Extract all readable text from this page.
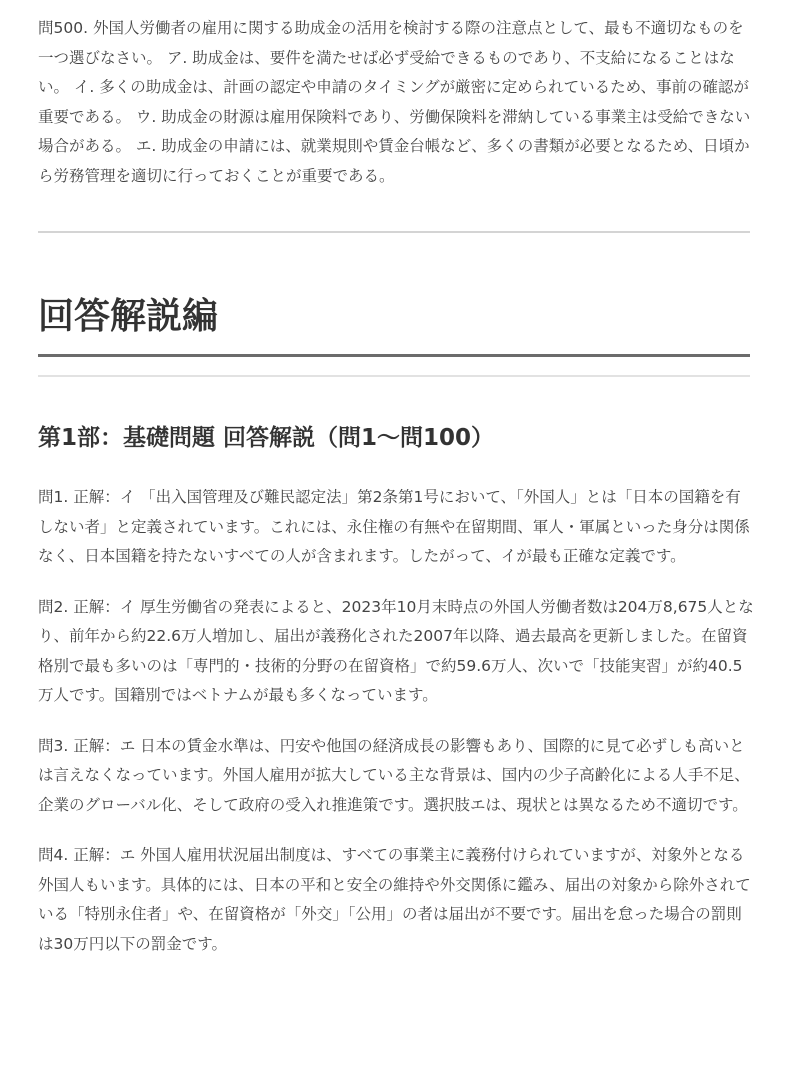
問500. 外国人労働者の雇用に関する助成金の活用を検討する際の注意点として、最も不適切なものを一つ選びなさい。 ア. 助成金は、要件を満たせば必ず受給できるものであり、不支給になることはない。 イ. 多くの助成金は、計画の認定や申請のタイミングが厳密に定められているため、事前の確認が重要である。 ウ. 助成金の財源は雇用保険料であり、労働保険料を滞納している事業主は受給できない場合がある。 エ. 助成金の申請には、就業規則や賃金台帳など、多くの書類が必要となるため、日頃から労務管理を適切に行っておくことが重要である。

回答解説編
第1部：基礎問題 回答解説（問1〜問100）

問1. 正解：イ 「出入国管理及び難民認定法」第2条第1号において、「外国人」とは「日本の国籍を有しない者」と定義されています。これには、永住権の有無や在留期間、軍人・軍属といった身分は関係なく、日本国籍を持たないすべての人が含まれます。したがって、イが最も正確な定義です。

問2. 正解：イ 厚生労働省の発表によると、2023年10月末時点の外国人労働者数は204万8,675人となり、前年から約22.6万人増加し、届出が義務化された2007年以降、過去最高を更新しました。在留資格別で最も多いのは「専門的・技術的分野の在留資格」で約59.6万人、次いで「技能実習」が約40.5万人です。国籍別ではベトナムが最も多くなっています。

問3. 正解：エ 日本の賃金水準は、円安や他国の経済成長の影響もあり、国際的に見て必ずしも高いとは言えなくなっています。外国人雇用が拡大している主な背景は、国内の少子高齢化による人手不足、企業のグローバル化、そして政府の受入れ推進策です。選択肢エは、現状とは異なるため不適切です。

問4. 正解：エ 外国人雇用状況届出制度は、すべての事業主に義務付けられていますが、対象外となる外国人もいます。具体的には、日本の平和と安全の維持や外交関係に鑑み、届出の対象から除外されている「特別永住者」や、在留資格が「外交」「公用」の者は届出が不要です。届出を怠った場合の罰則は30万円以下の罰金です。
